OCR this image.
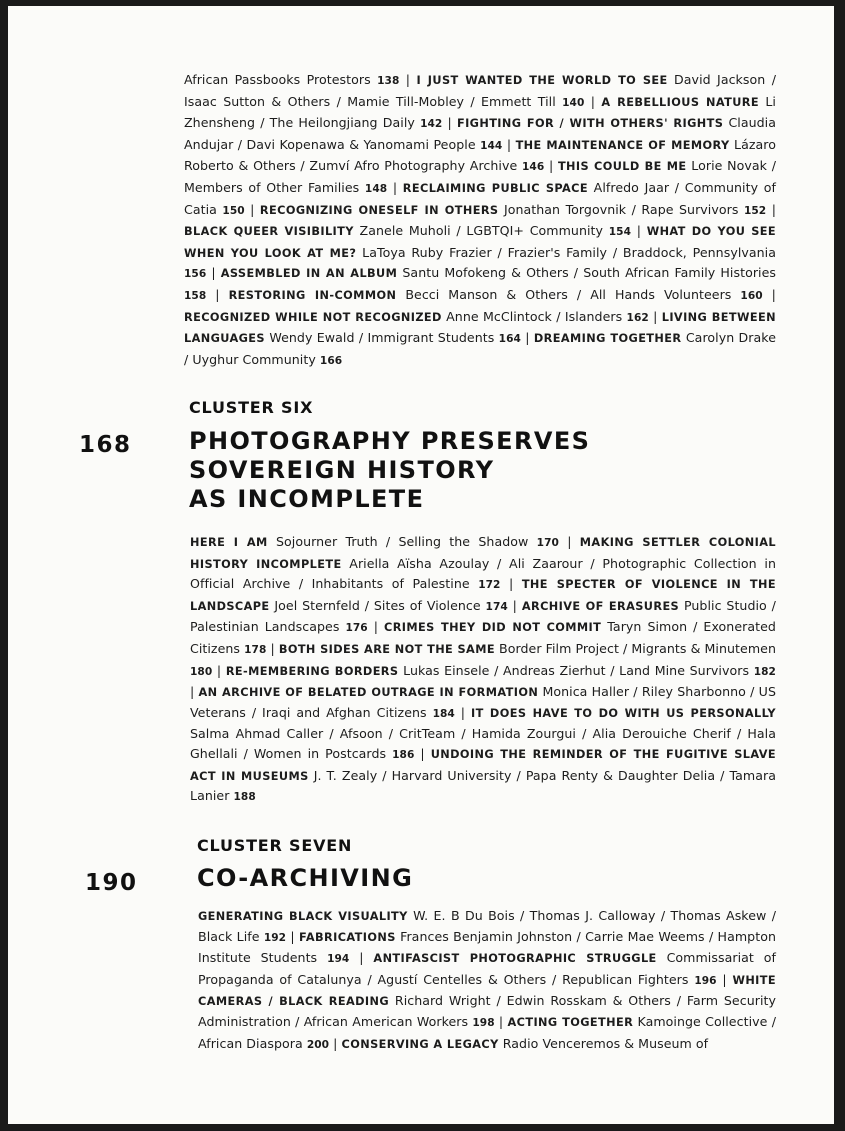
African Passbooks Protestors 138 | I JUST WANTED THE WORLD TO SEE David Jackson / Isaac Sutton & Others / Mamie Till-Mobley / Emmett Till 140 | A REBELLIOUS NATURE Li Zhensheng / The Heilongjiang Daily 142 | FIGHTING FOR / WITH OTHERS' RIGHTS Claudia Andujar / Davi Kopenawa & Yanomami People 144 | THE MAINTENANCE OF MEMORY Lázaro Roberto & Others / Zumví Afro Photography Archive 146 | THIS COULD BE ME Lorie Novak / Members of Other Families 148 | RECLAIMING PUBLIC SPACE Alfredo Jaar / Community of Catia 150 | RECOGNIZING ONESELF IN OTHERS Jonathan Torgovnik / Rape Survivors 152 | BLACK QUEER VISIBILITY Zanele Muholi / LGBTQI+ Community 154 | WHAT DO YOU SEE WHEN YOU LOOK AT ME? LaToya Ruby Frazier / Frazier's Family / Braddock, Pennsylvania 156 | ASSEMBLED IN AN ALBUM Santu Mofokeng & Others / South African Family Histories 158 | RESTORING IN-COMMON Becci Manson & Others / All Hands Volunteers 160 | RECOGNIZED WHILE NOT RECOGNIZED Anne McClintock / Islanders 162 | LIVING BETWEEN LANGUAGES Wendy Ewald / Immigrant Students 164 | DREAMING TOGETHER Carolyn Drake / Uyghur Community 166
CLUSTER SIX
168 PHOTOGRAPHY PRESERVES
SOVEREIGN HISTORY
AS INCOMPLETE
HERE I AM Sojourner Truth / Selling the Shadow 170 | MAKING SETTLER COLONIAL HISTORY INCOMPLETE Ariella Aïsha Azoulay / Ali Zaarour / Photographic Collection in Official Archive / Inhabitants of Palestine 172 | THE SPECTER OF VIOLENCE IN THE LANDSCAPE Joel Sternfeld / Sites of Violence 174 | ARCHIVE OF ERASURES Public Studio / Palestinian Landscapes 176 | CRIMES THEY DID NOT COMMIT Taryn Simon / Exonerated Citizens 178 | BOTH SIDES ARE NOT THE SAME Border Film Project / Migrants & Minutemen 180 | RE-MEMBERING BORDERS Lukas Einsele / Andreas Zierhut / Land Mine Survivors 182 | AN ARCHIVE OF BELATED OUTRAGE IN FORMATION Monica Haller / Riley Sharbonno / US Veterans / Iraqi and Afghan Citizens 184 | IT DOES HAVE TO DO WITH US PERSONALLY Salma Ahmad Caller / Afsoon / CritTeam / Hamida Zourgui / Alia Derouiche Cherif / Hala Ghellali / Women in Postcards 186 | UNDOING THE REMINDER OF THE FUGITIVE SLAVE ACT IN MUSEUMS J. T. Zealy / Harvard University / Papa Renty & Daughter Delia / Tamara Lanier 188
CLUSTER SEVEN
190 CO-ARCHIVING
GENERATING BLACK VISUALITY W. E. B Du Bois / Thomas J. Calloway / Thomas Askew / Black Life 192 | FABRICATIONS Frances Benjamin Johnston / Carrie Mae Weems / Hampton Institute Students 194 | ANTIFASCIST PHOTOGRAPHIC STRUGGLE Commissariat of Propaganda of Catalunya / Agustí Centelles & Others / Republican Fighters 196 | WHITE CAMERAS / BLACK READING Richard Wright / Edwin Rosskam & Others / Farm Security Administration / African American Workers 198 | ACTING TOGETHER Kamoinge Collective / African Diaspora 200 | CONSERVING A LEGACY Radio Venceremos & Museum of
